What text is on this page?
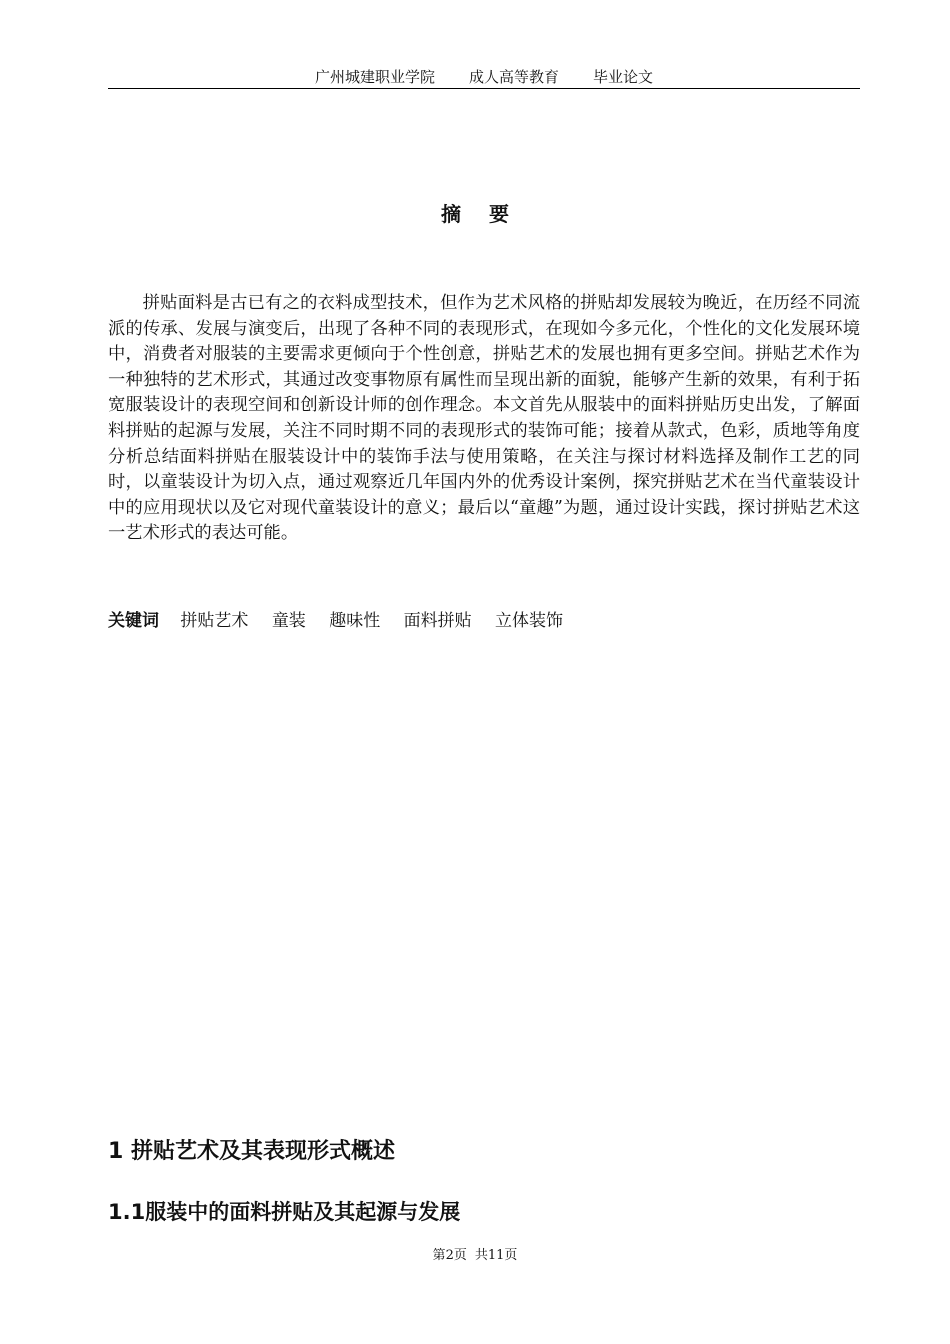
广州城建职业学院 成人高等教育 毕业论文
摘要

拼贴面料是古已有之的衣料成型技术，但作为艺术风格的拼贴却发展较为晚近，在历经不同流派的传承、发展与演变后，出现了各种不同的表现形式，在现如今多元化，个性化的文化发展环境中，消费者对服装的主要需求更倾向于个性创意，拼贴艺术的发展也拥有更多空间。拼贴艺术作为一种独特的艺术形式，其通过改变事物原有属性而呈现出新的面貌，能够产生新的效果，有利于拓宽服装设计的表现空间和创新设计师的创作理念。本文首先从服装中的面料拼贴历史出发，了解面料拼贴的起源与发展，关注不同时期不同的表现形式的装饰可能；接着从款式，色彩，质地等角度分析总结面料拼贴在服装设计中的装饰手法与使用策略，在关注与探讨材料选择及制作工艺的同时，以童装设计为切入点，通过观察近几年国内外的优秀设计案例，探究拼贴艺术在当代童装设计中的应用现状以及它对现代童装设计的意义；最后以“童趣”为题，通过设计实践，探讨拼贴艺术这一艺术形式的表达可能。

关键词 拼贴艺术 童装 趣味性 面料拼贴 立体装饰
1 拼贴艺术及其表现形式概述
1.1服装中的面料拼贴及其起源与发展
第2页 共11页
